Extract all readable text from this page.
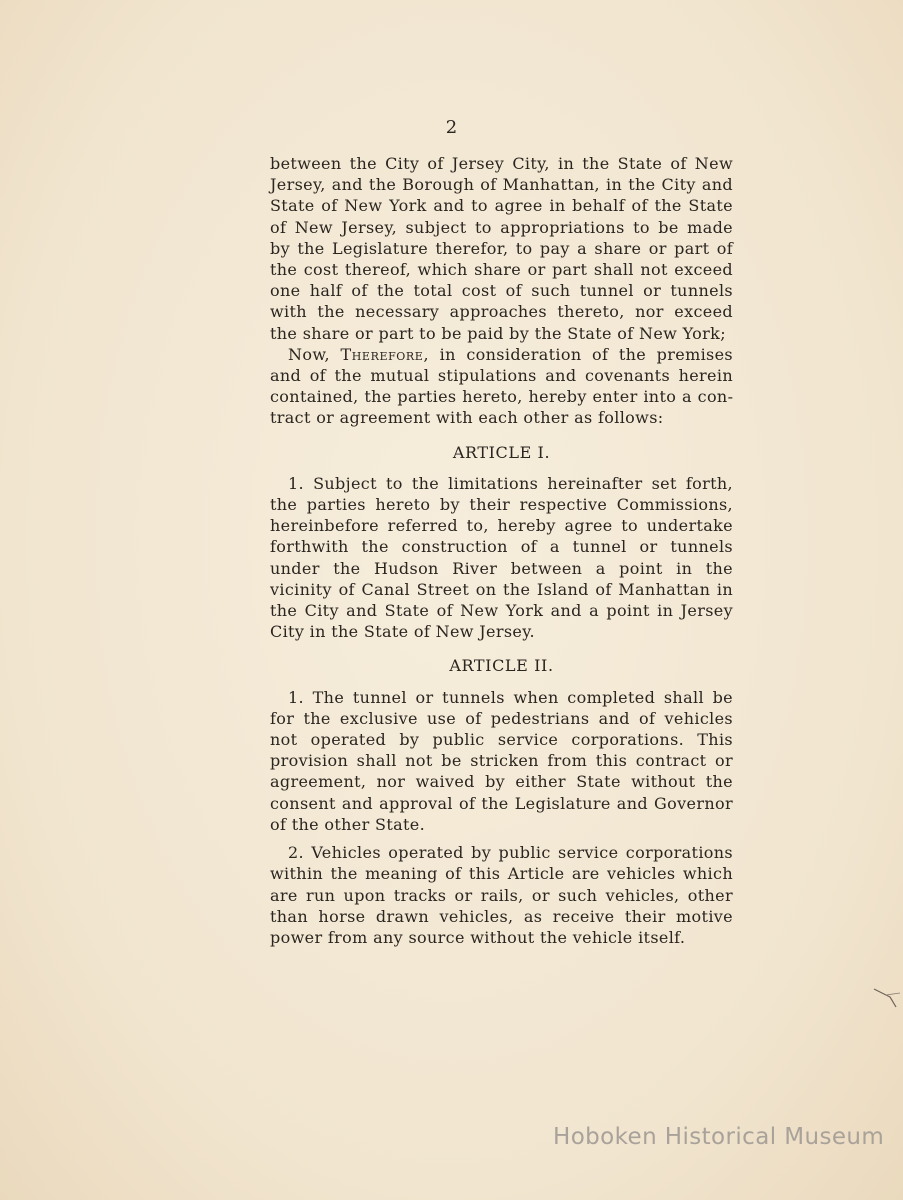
2

between the City of Jersey City, in the State of New Jersey, and the Borough of Manhattan, in the City and State of New York and to agree in behalf of the State of New Jersey, subject to appropriations to be made by the Legislature therefor, to pay a share or part of the cost thereof, which share or part shall not exceed one half of the total cost of such tunnel or tunnels with the necessary approaches thereto, nor exceed the share or part to be paid by the State of New York;

Now, Therefore, in consideration of the premises and of the mutual stipulations and covenants herein contained, the parties hereto, hereby enter into a contract or agreement with each other as follows:

ARTICLE I.

1. Subject to the limitations hereinafter set forth, the parties hereto by their respective Commissions, hereinbefore referred to, hereby agree to undertake forthwith the construction of a tunnel or tunnels under the Hudson River between a point in the vicinity of Canal Street on the Island of Manhattan in the City and State of New York and a point in Jersey City in the State of New Jersey.

ARTICLE II.

1. The tunnel or tunnels when completed shall be for the exclusive use of pedestrians and of vehicles not operated by public service corporations. This provision shall not be stricken from this contract or agreement, nor waived by either State without the consent and approval of the Legislature and Governor of the other State.

2. Vehicles operated by public service corporations within the meaning of this Article are vehicles which are run upon tracks or rails, or such vehicles, other than horse drawn vehicles, as receive their motive power from any source without the vehicle itself.

Hoboken Historical Museum
